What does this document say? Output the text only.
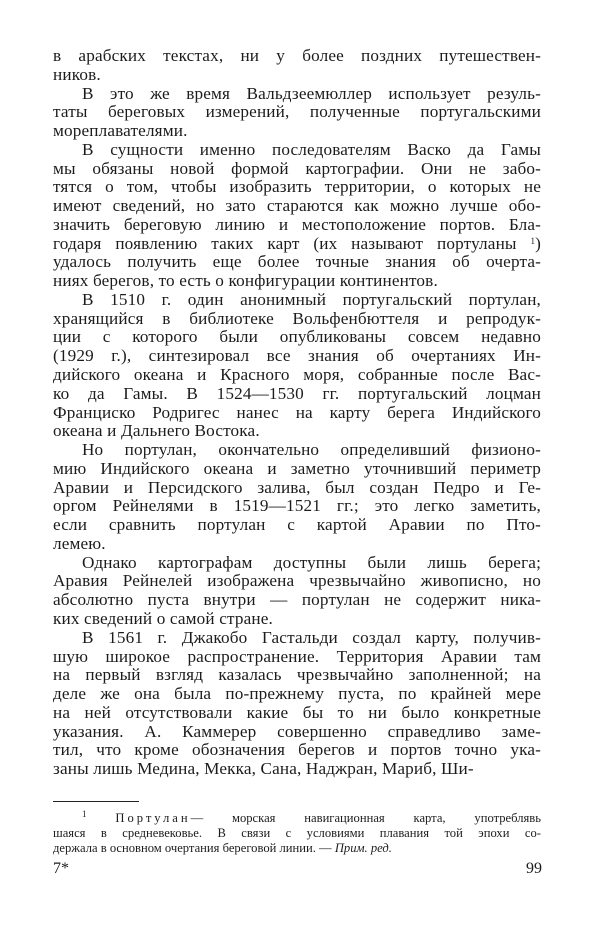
в арабских текстах, ни у более поздних путешествен-
ников.
В это же время Вальдзеемюллер использует резуль-
таты береговых измерений, полученные португальскими
мореплавателями.
В сущности именно последователям Васко да Гамы
мы обязаны новой формой картографии. Они не забо-
тятся о том, чтобы изобразить территории, о которых не
имеют сведений, но зато стараются как можно лучше обо-
значить береговую линию и местоположение портов. Бла-
годаря появлению таких карт (их называют портуланы $^1$)
удалось получить еще более точные знания об очерта-
ниях берегов, то есть о конфигурации континентов.
В 1510 г. один анонимный португальский портулан,
хранящийся в библиотеке Вольфенбюттеля и репродук-
ции с которого были опубликованы совсем недавно
(1929 г.), синтезировал все знания об очертаниях Ин-
дийского океана и Красного моря, собранные после Вас-
ко да Гамы. В 1524—1530 гг. португальский лоцман
Франциско Родригес нанес на карту берега Индийского
океана и Дальнего Востока.
Но портулан, окончательно определивший физионо-
мию Индийского океана и заметно уточнивший периметр
Аравии и Персидского залива, был создан Педро и Ге-
оргом Рейнелями в 1519—1521 гг.; это легко заметить,
если сравнить портулан с картой Аравии по Пто-
лемею.
Однако картографам доступны были лишь берега;
Аравия Рейнелей изображена чрезвычайно живописно, но
абсолютно пуста внутри — портулан не содержит ника-
ких сведений о самой стране.
В 1561 г. Джакобо Гастальди создал карту, получив-
шую широкое распространение. Территория Аравии там
на первый взгляд казалась чрезвычайно заполненной; на
деле же она была по-прежнему пуста, по крайней мере
на ней отсутствовали какие бы то ни было конкретные
указания. А. Каммерер совершенно справедливо заме-
тил, что кроме обозначения берегов и портов точно ука-
заны лишь Медина, Мекка, Сана, Наджран, Мариб, Ши-
$^1$ Портулан— морская навигационная карта, употреблявь
шаяся в средневековье. В связи с условиями плавания той эпохи со-
держала в основном очертания береговой линии. — Прим. ред.
7*	99
